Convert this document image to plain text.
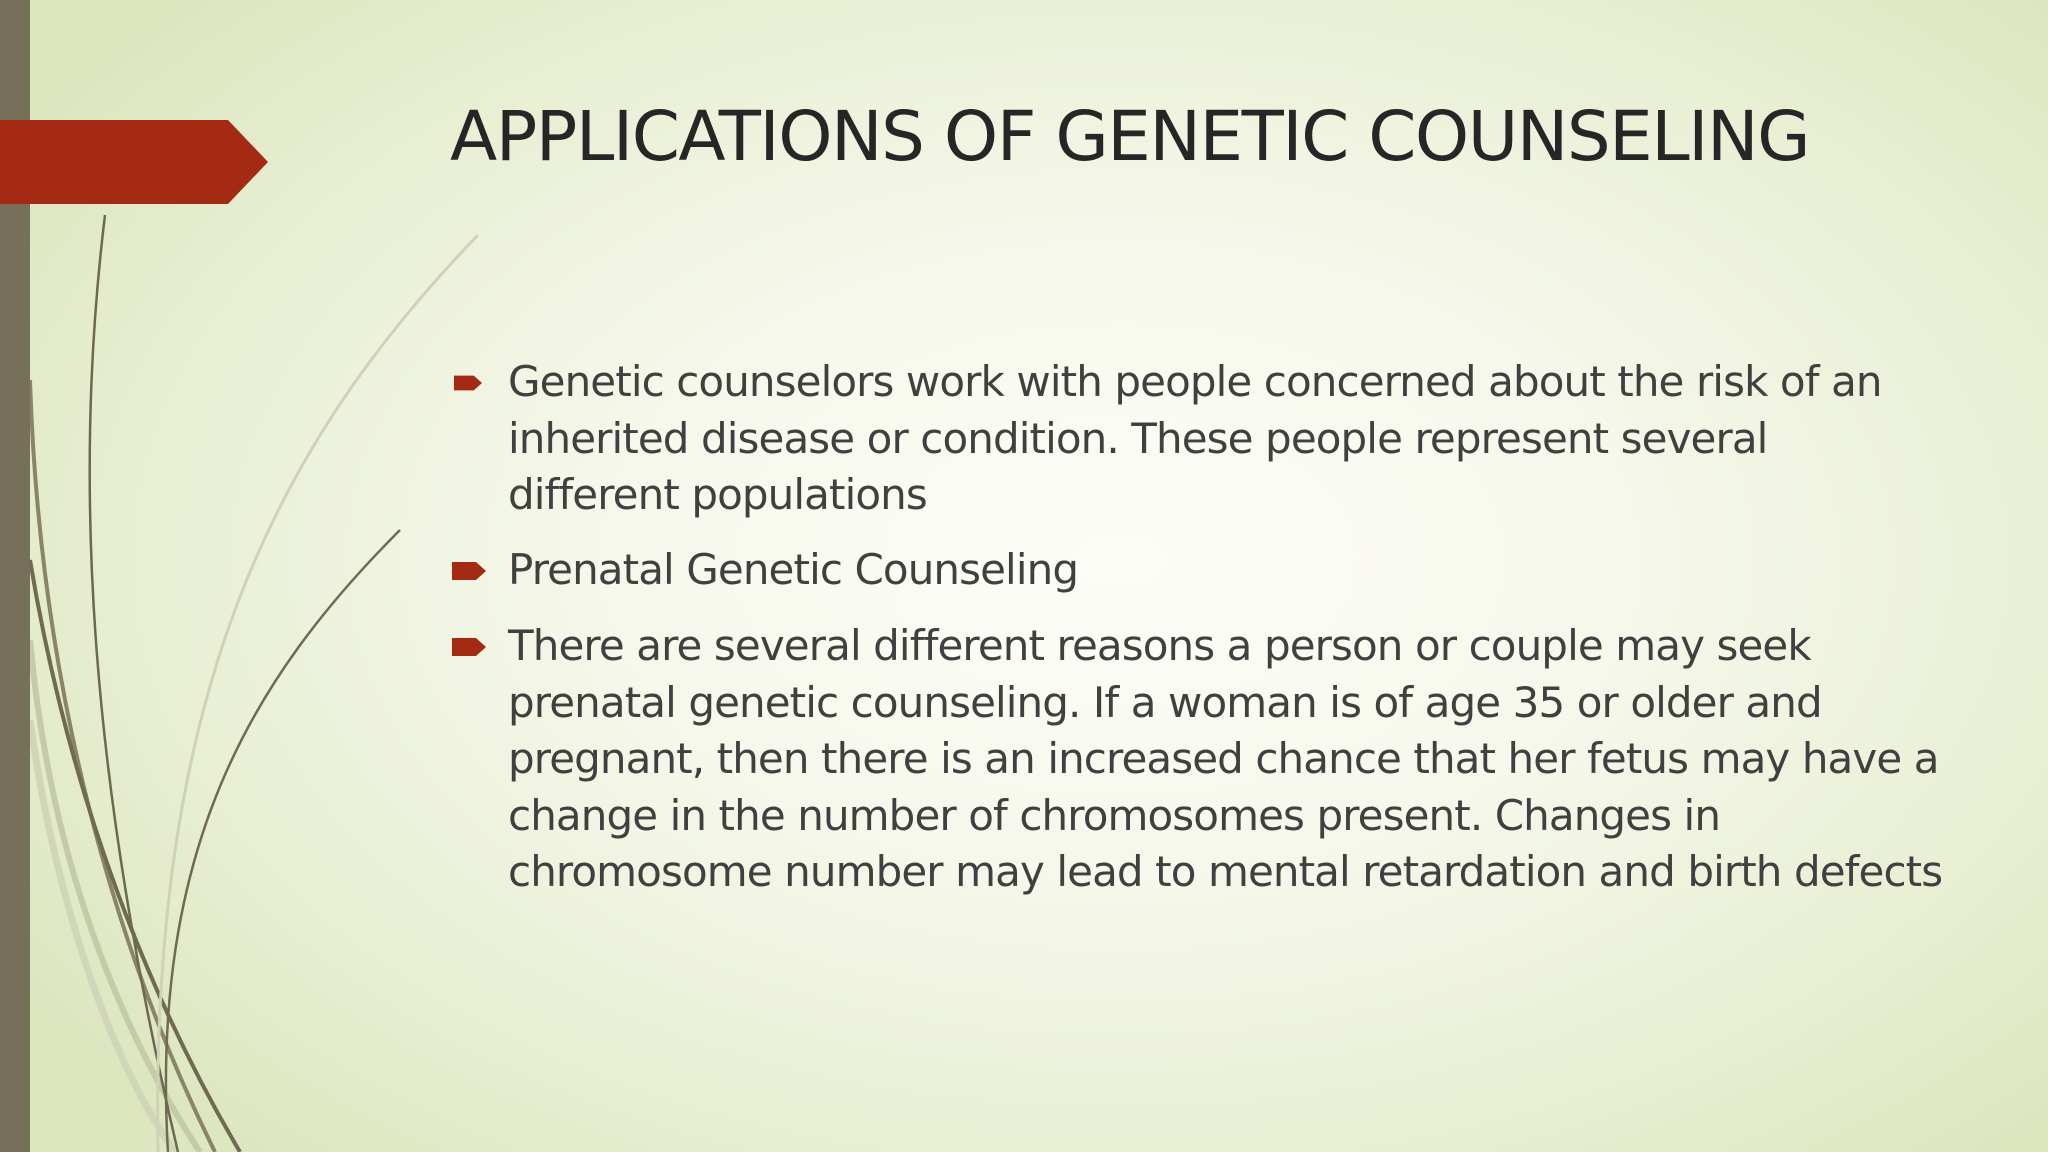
APPLICATIONS OF GENETIC COUNSELING
Genetic counselors work with people concerned about the risk of an inherited disease or condition. These people represent several different populations
Prenatal Genetic Counseling
There are several different reasons a person or couple may seek prenatal genetic counseling. If a woman is of age 35 or older and pregnant, then there is an increased chance that her fetus may have a change in the number of chromosomes present. Changes in chromosome number may lead to mental retardation and birth defects
